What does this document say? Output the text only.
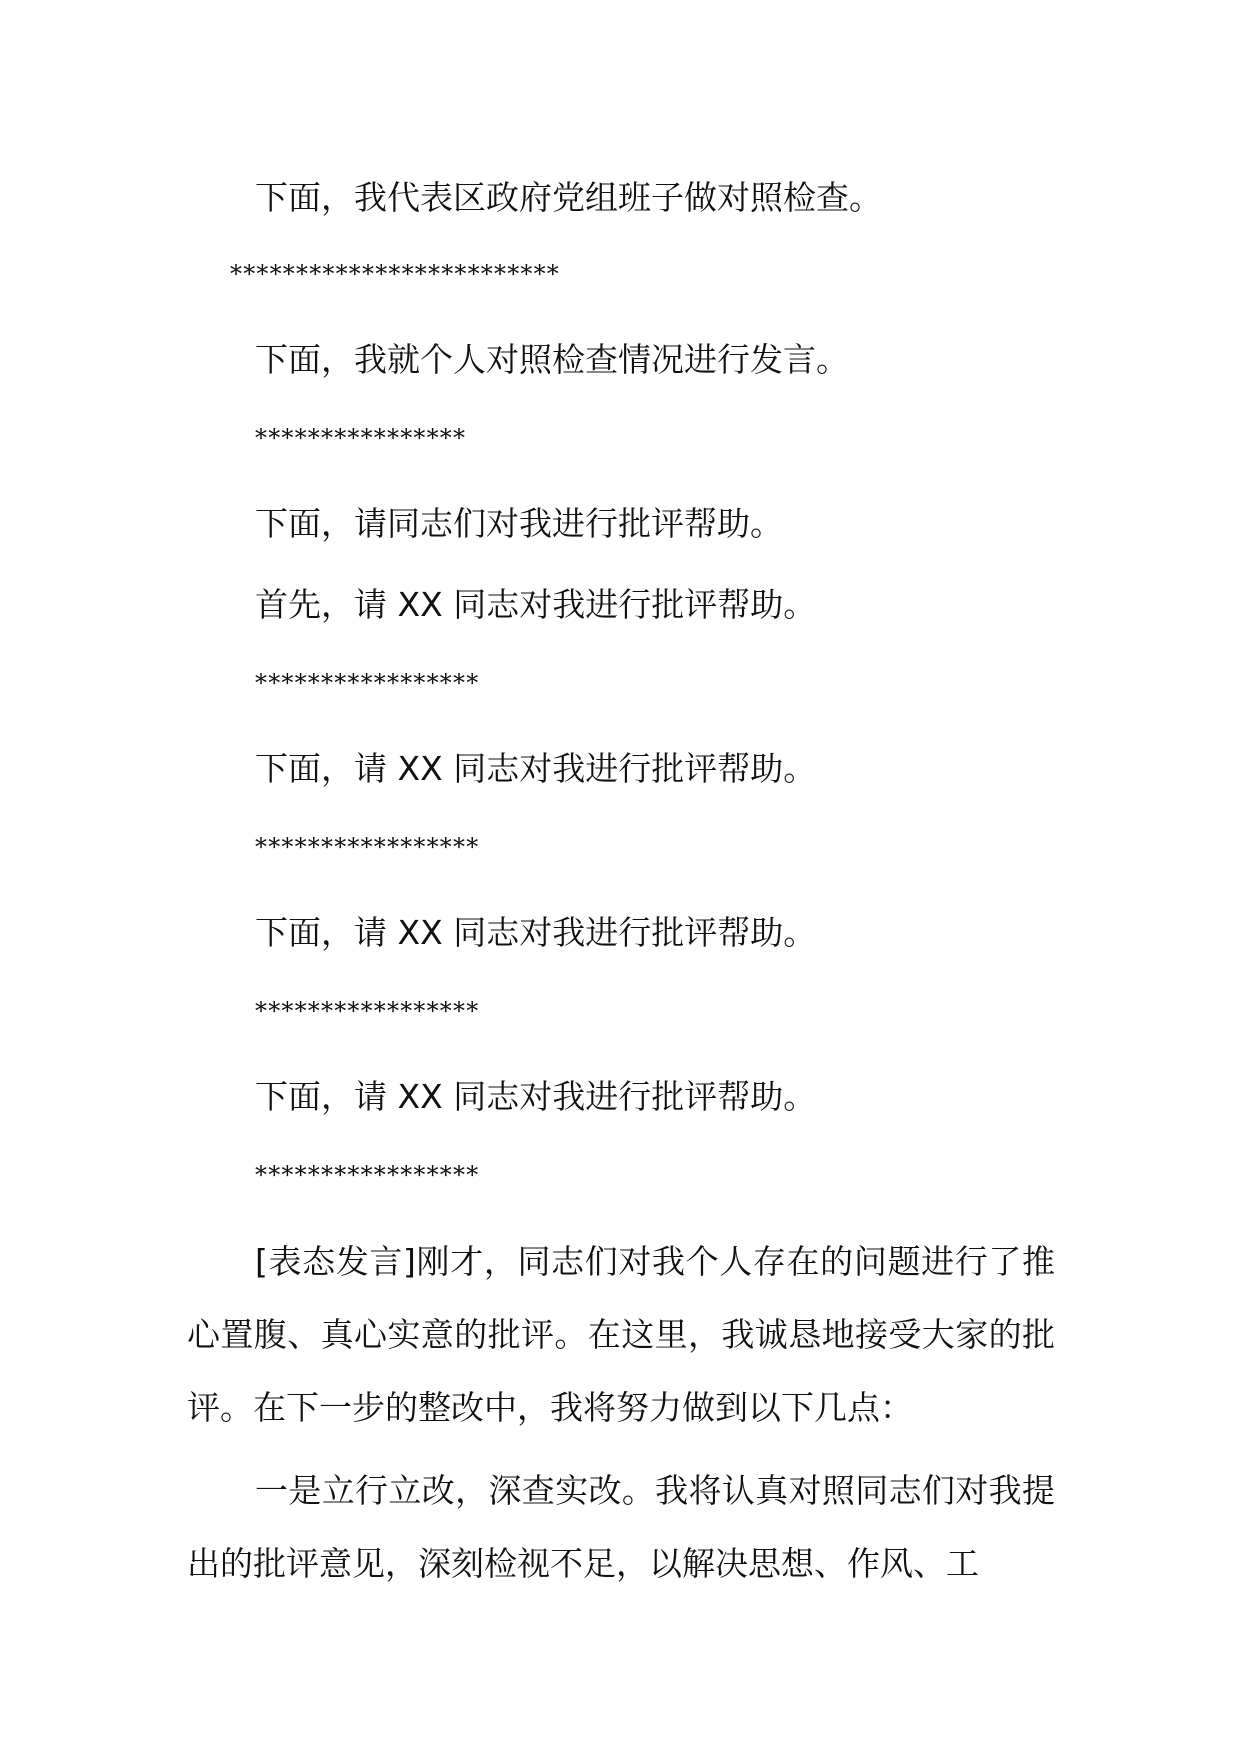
下面，我代表区政府党组班子做对照检查。
*************************
下面，我就个人对照检查情况进行发言。
****************
下面，请同志们对我进行批评帮助。
首先，请 XX 同志对我进行批评帮助。
*****************
下面，请 XX 同志对我进行批评帮助。
*****************
下面，请 XX 同志对我进行批评帮助。
*****************
下面，请 XX 同志对我进行批评帮助。
*****************
[表态发言]刚才，同志们对我个人存在的问题进行了推心置腹、真心实意的批评。在这里，我诚恳地接受大家的批评。在下一步的整改中，我将努力做到以下几点：
一是立行立改，深查实改。我将认真对照同志们对我提出的批评意见，深刻检视不足，以解决思想、作风、工
